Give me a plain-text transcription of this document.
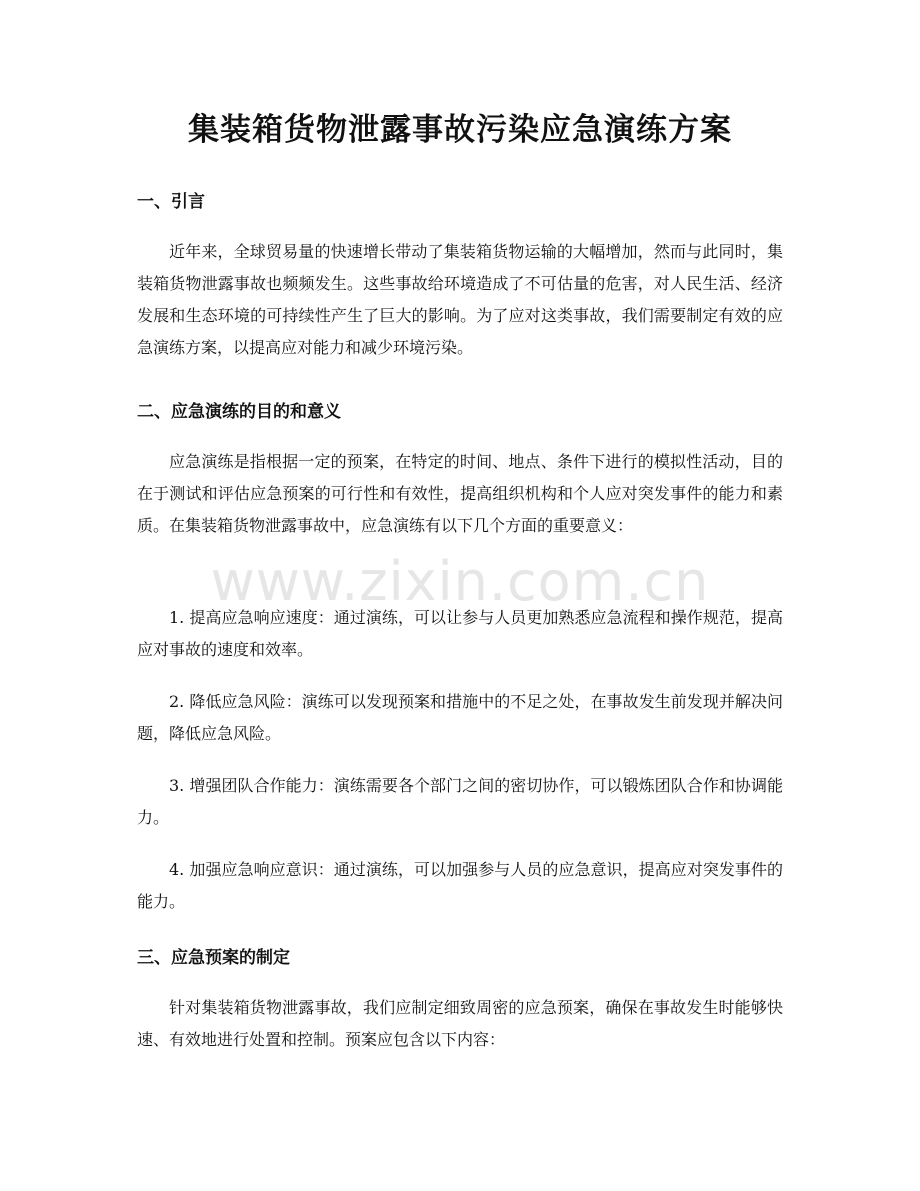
集装箱货物泄露事故污染应急演练方案
一、引言

近年来，全球贸易量的快速增长带动了集装箱货物运输的大幅增加，然而与此同时，集装箱货物泄露事故也频频发生。这些事故给环境造成了不可估量的危害，对人民生活、经济发展和生态环境的可持续性产生了巨大的影响。为了应对这类事故，我们需要制定有效的应急演练方案，以提高应对能力和减少环境污染。

二、应急演练的目的和意义

应急演练是指根据一定的预案，在特定的时间、地点、条件下进行的模拟性活动，目的在于测试和评估应急预案的可行性和有效性，提高组织机构和个人应对突发事件的能力和素质。在集装箱货物泄露事故中，应急演练有以下几个方面的重要意义：

1. 提高应急响应速度：通过演练，可以让参与人员更加熟悉应急流程和操作规范，提高应对事故的速度和效率。

2. 降低应急风险：演练可以发现预案和措施中的不足之处，在事故发生前发现并解决问题，降低应急风险。

3. 增强团队合作能力：演练需要各个部门之间的密切协作，可以锻炼团队合作和协调能力。

4. 加强应急响应意识：通过演练，可以加强参与人员的应急意识，提高应对突发事件的能力。

三、应急预案的制定

针对集装箱货物泄露事故，我们应制定细致周密的应急预案，确保在事故发生时能够快速、有效地进行处置和控制。预案应包含以下内容：

www.zixin.com.cn
